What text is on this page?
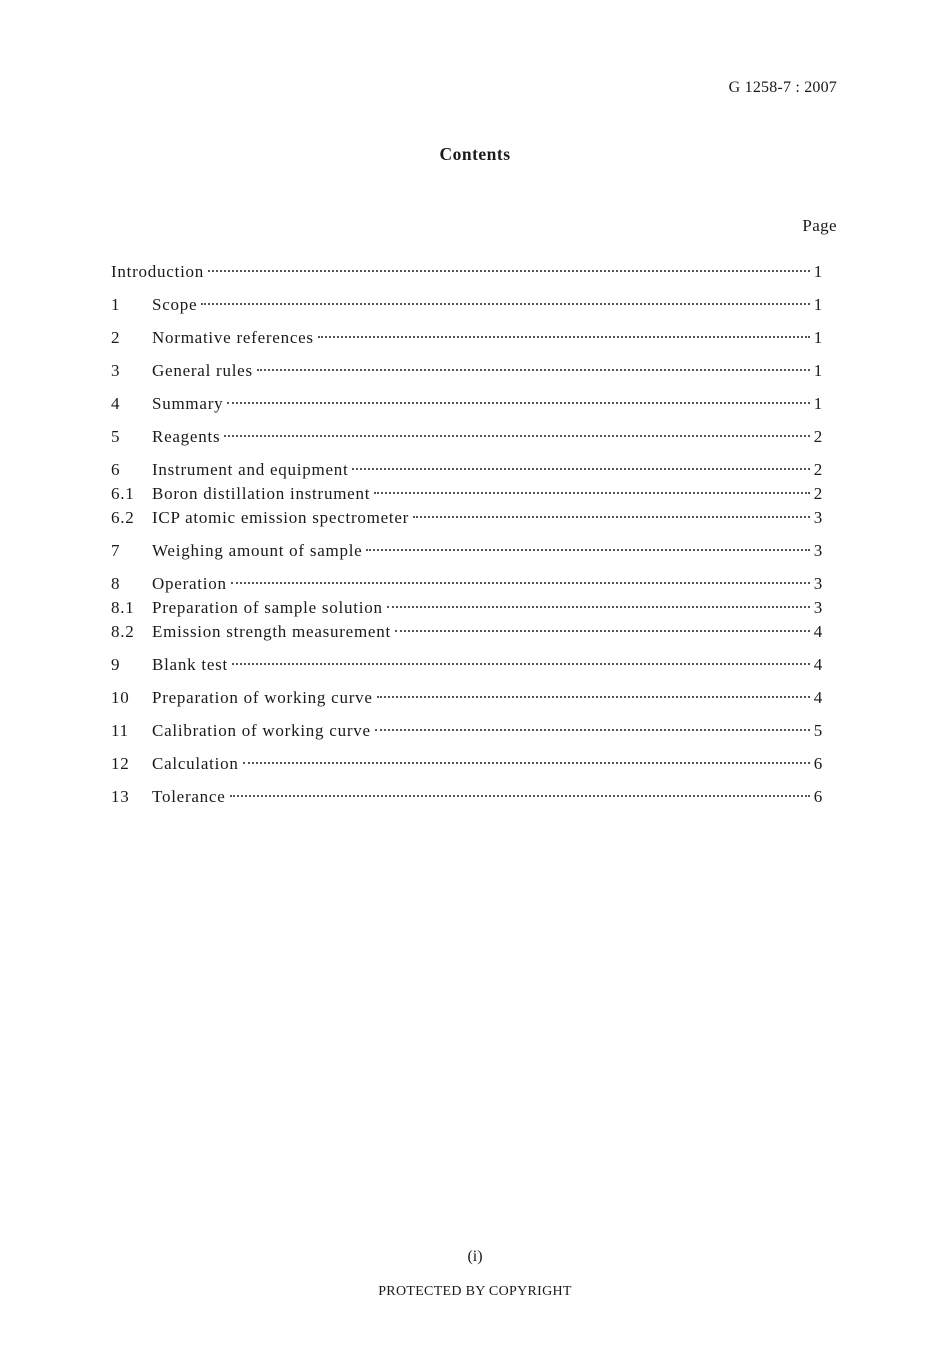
G 1258-7 : 2007
Contents
Page
Introduction	1
1	Scope	1
2	Normative references	1
3	General rules	1
4	Summary	1
5	Reagents	2
6	Instrument and equipment	2
6.1	Boron distillation instrument	2
6.2	ICP atomic emission spectrometer	3
7	Weighing amount of sample	3
8	Operation	3
8.1	Preparation of sample solution	3
8.2	Emission strength measurement	4
9	Blank test	4
10	Preparation of working curve	4
11	Calibration of working curve	5
12	Calculation	6
13	Tolerance	6
(i)
PROTECTED BY COPYRIGHT
